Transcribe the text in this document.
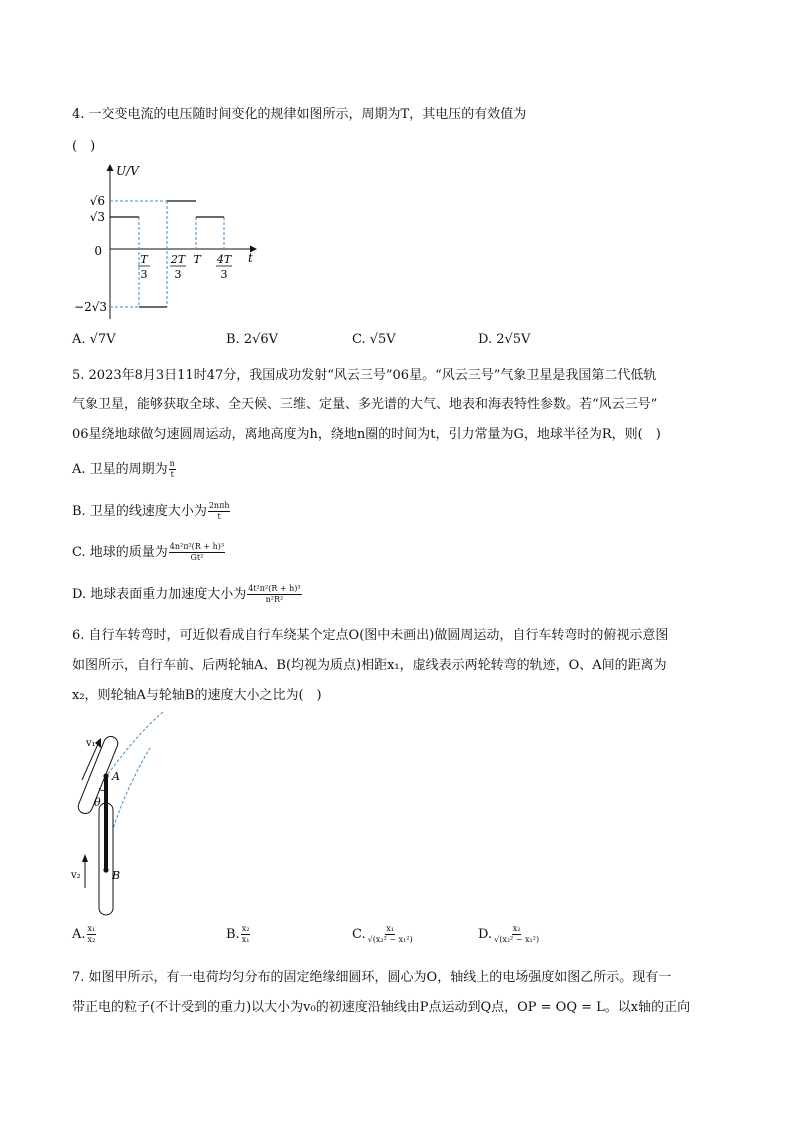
4. 一交变电流的电压随时间变化的规律如图所示，周期为T，其电压的有效值为
(　)
U/V
t
√6
√3
0
−2√3
T
3
2T
3
T 4T
3
A. √7V	B. 2√6V	C. √5V	D. 2√5V
5. 2023年8月3日11时47分，我国成功发射“风云三号”06星。“风云三号”气象卫星是我国第二代低轨
气象卫星，能够获取全球、全天候、三维、定量、多光谱的大气、地表和海表特性参数。若“风云三号”
06星绕地球做匀速圆周运动，离地高度为h，绕地n圈的时间为t，引力常量为G，地球半径为R，则(　)
A. 卫星的周期为 $\frac{n}{t}$
B. 卫星的线速度大小为 $\frac{\text{2nπh}}{t}$
C. 地球的质量为 $\frac{\text{4n²π²(R + h)³}}{\text{Gt²}}$
D. 地球表面重力加速度大小为 $\frac{\text{4t²π²(R + h)³}}{\text{n²R²}}$
6. 自行车转弯时，可近似看成自行车绕某个定点O(图中未画出)做圆周运动，自行车转弯时的俯视示意图
如图所示，自行车前、后两轮轴A、B(均视为质点)相距x₁，虚线表示两轮转弯的轨迹，O、A间的距离为
x₂，则轮轴A与轮轴B的速度大小之比为(　)
v₁
A
θ
v₂	B
A. $\frac{\text{x₁}}{\text{x₂}}$	B. $\frac{\text{x₂}}{\text{x₁}}$	C. $\frac{\text{x₁}}{\text{√(x₂² − x₁²)}}$	D. $\frac{\text{x₂}}{\text{√(x₂² − x₁²)}}$
7. 如图甲所示，有一电荷均匀分布的固定绝缘细圆环，圆心为O，轴线上的电场强度如图乙所示。现有一
带正电的粒子(不计受到的重力)以大小为v₀的初速度沿轴线由P点运动到Q点，OP = OQ = L。以x轴的正向
